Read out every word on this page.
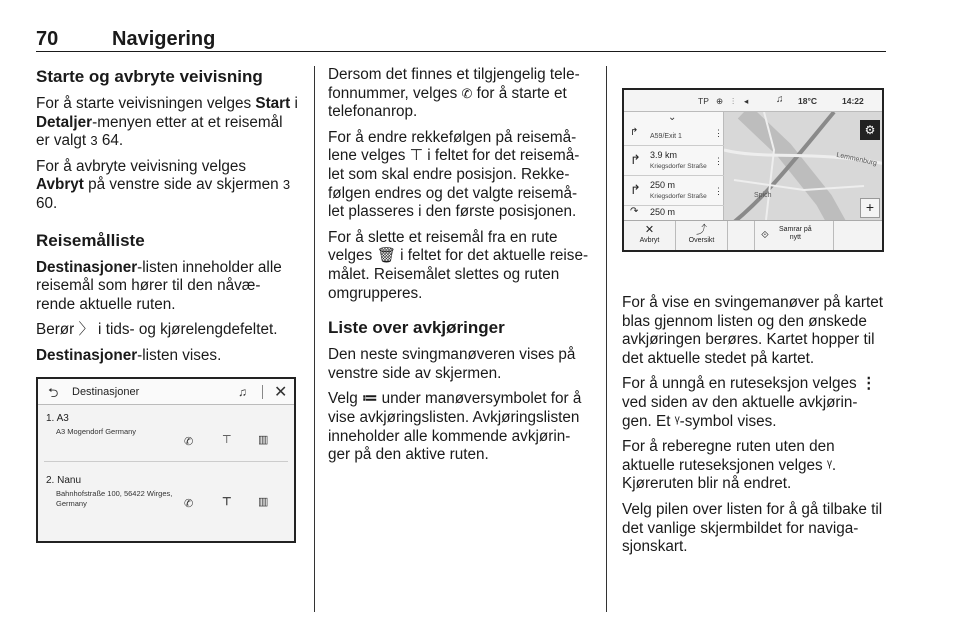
70	Navigering
Starte og avbryte veivisning

For å starte veivisningen velges Start i Detaljer-menyen etter at et reisemål er valgt 3 64.

For å avbryte veivisning velges Avbryt på venstre side av skjermen 3 60.

Reisemålliste

Destinasjoner-listen inneholder alle reisemål som hører til den nåvæ-rende aktuelle ruten.

Berør 〉 i tids- og kjørelengdefeltet.

Destinasjoner-listen vises.

Dersom det finnes et tilgjengelig tele-fonnummer, velges ✆ for å starte et telefonanrop.

For å endre rekkefølgen på reisemå-lene velges ⊤ i feltet for det reisemå-let som skal endre posisjon. Rekke-følgen endres og det valgte reisemå-let plasseres i den første posisjonen.

For å slette et reisemål fra en rute velges 🗑 i feltet for det aktuelle reise-målet. Reisemålet slettes og ruten omgrupperes.

Liste over avkjøringer

Den neste svingmanøveren vises på venstre side av skjermen.

Velg ≔ under manøversymbolet for å vise avkjøringslisten. Avkjøringslisten inneholder alle kommende avkjørin-ger på den aktive ruten.

For å vise en svingemanøver på kartet blas gjennom listen og den ønskede avkjøringen berøres. Kartet hopper til det aktuelle stedet på kartet.

For å unngå en ruteseksjon velges ⋮ ved siden av den aktuelle avkjørin-gen. Et ᵞ-symbol vises.

For å reberegne ruten uten den aktuelle ruteseksjonen velges ᵞ.
Kjøreruten blir nå endret.

Velg pilen over listen for å gå tilbake til det vanlige skjermbildet for naviga-sjonskart.

⮌ Destinasjoner	♫ ✕
1. A3
A3 Mogendorf Germany
✆	⊤ ▥
2. Nanu
Bahnhofstraße 100, 56422 Wirges,
Germany	✆	⊤ ▥
TP ⊕ ⫶ ◂	♫ 18°C	14:22
⌄
↱ A59/Exit 1	⋮
↱ 3.9 km
Kriegsdorfer Straße
⋮
↱ 250 m
Kriegsdorfer Straße
⋮
↷ 250 m
Spich
Lemmenburg
⚙
+
✕
Avbryt
⤴
Oversikt	⟐
Samrar på
nytt
